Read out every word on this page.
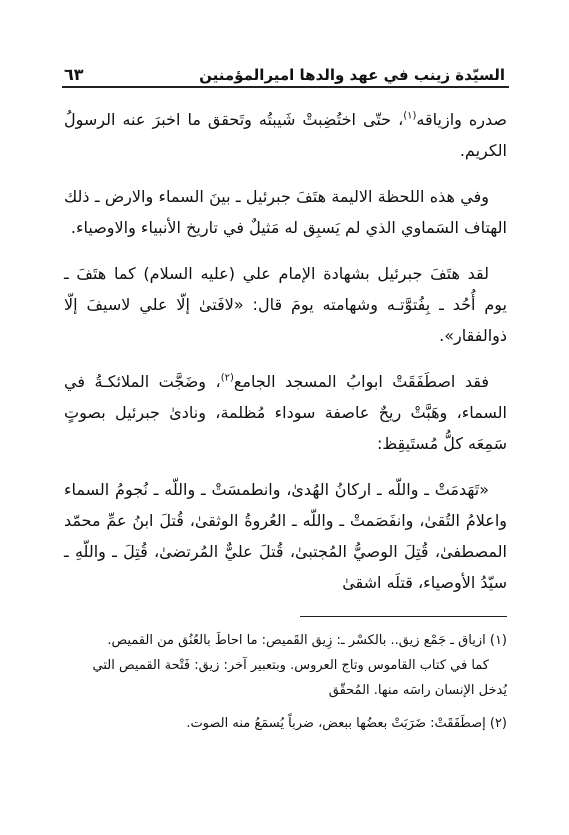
السيّدة زينب في عهد والدها اميرالمؤمنين
٦٣

صدره وازياقه$^{(١)}$، حتّى اختُضِبتْ شَيبتُه وتَحقق ما اخبرَ عنه الرسولُ الكريم.

وفي هذه اللحظة الاليمة هتَفَ جبرئيل ـ بينَ السماء والارض ـ ذلك الهتاف السَماوي الذي لم يَسبِق له مَثيلٌ في تاريخ الأنبياء والاوصياء.

لقد هتَفَ جبرئيل بشهادة الإمام علي (عليه السلام) كما هتَفَ ـ يوم أُحُد ـ بِفُتوَّتـه وشهامته يومَ قال: «لافَتىٰ إلّا علي لاسيفَ إلّا ذوالفقار».

فقد اصطَفَقَتْ ابوابُ المسجد الجامع$^{(٢)}$، وضَجَّت الملائكـةُ في السماء، وهَبَّتْ ريحٌ عاصفة سوداء مُظلمة، ونادىٰ جبرئيل بصوتٍ سَمِعَه كلُّ مُستَيقِظ:

«تَهَدمَتْ ـ واللّه ـ اركانُ الهُدىٰ، وانطمسَتْ ـ واللّه ـ نُجومُ السماء واعلامُ التُقىٰ، وانفَصَمتْ ـ واللّه ـ العُروةُ الوثقىٰ، قُتلَ ابنُ عمِّ محمّد المصطفىٰ، قُتِلَ الوصيُّ المُجتبىٰ، قُتلَ عليٌّ المُرتضىٰ، قُتِلَ ـ واللّهِ ـ سيّدُ الأوصياء، قتلَه اشقىٰ

(١) ازياق ـ جَمْع زيق.. بالكسْر ـ: زِيق القَميص: ما احاطَ بالعُنُق من القميص.
كما في كتاب القاموس وتاج العروس. وبتعبير آخر: زيق: فَتْحة القميص التي يُدخل الإنسان راسَه منها. المُحقّق

(٢) إصطَفَقَتْ: ضَرَبَتْ بعضُها ببعض، ضرباً يُسمَعُ منه الصوت.
